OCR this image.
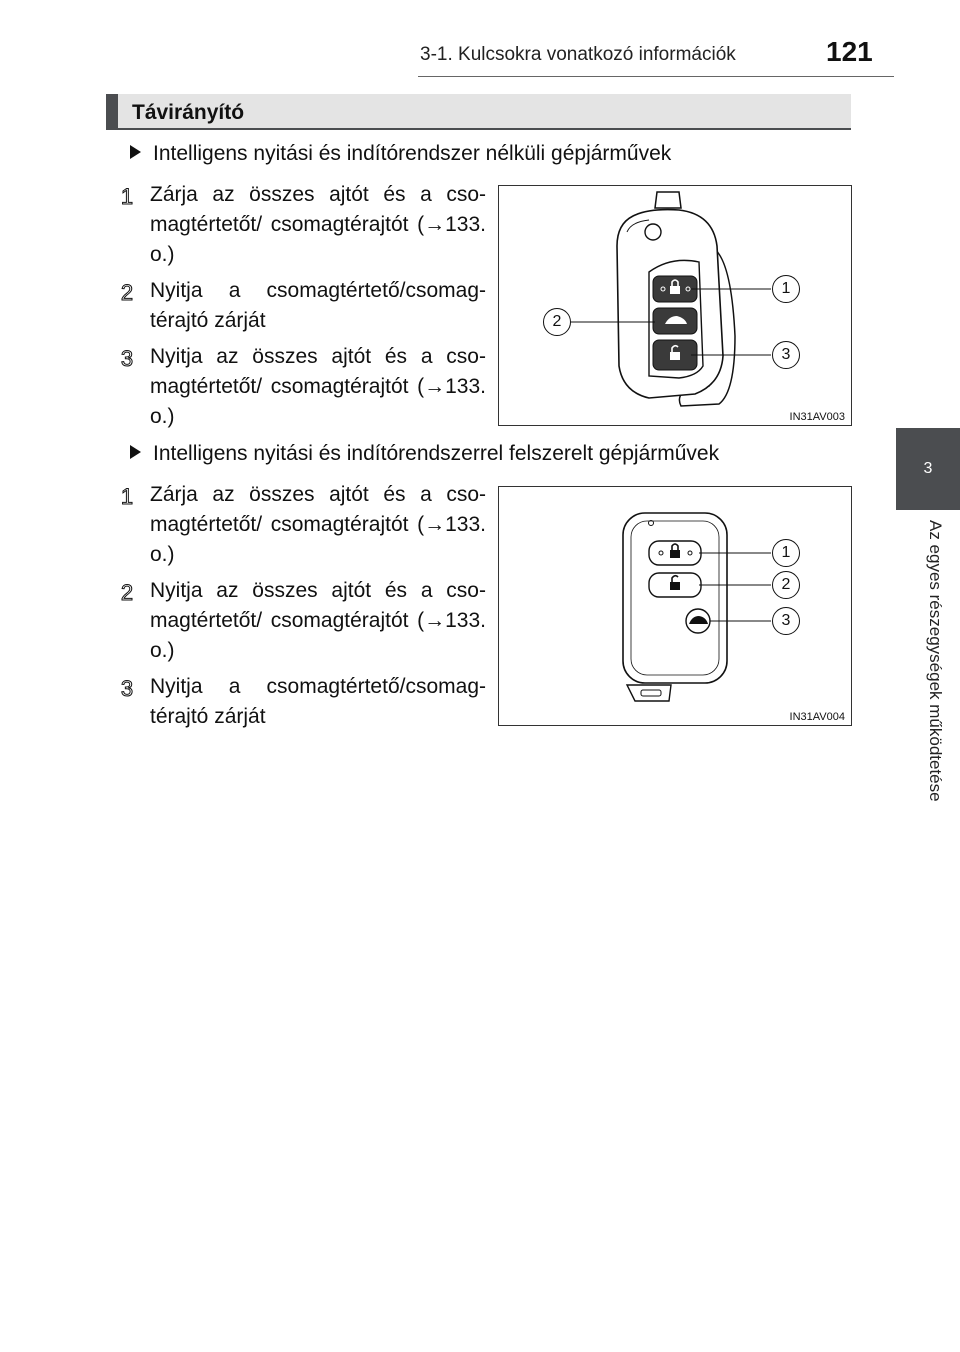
3-1. Kulcsokra vonatkozó információk	121
3
Az egyes részegységek működtetése
Távirányító
Intelligens nyitási és indítórendszer nélküli gépjárművek
1 Zárja az összes ajtót és a csomagtértetőt/ csomagtérajtót (→133. o.)
2 Nyitja a csomagtértető/csomagtérajtó zárját
3 Nyitja az összes ajtót és a csomagtértetőt/ csomagtérajtót (→133. o.)
1
2
3
IN31AV003
Intelligens nyitási és indítórendszerrel felszerelt gépjárművek
1 Zárja az összes ajtót és a csomagtértetőt/ csomagtérajtót (→133. o.)
2 Nyitja az összes ajtót és a csomagtértetőt/ csomagtérajtót (→133. o.)
3 Nyitja a csomagtértető/csomagtérajtó zárját
1
2
3
IN31AV004
